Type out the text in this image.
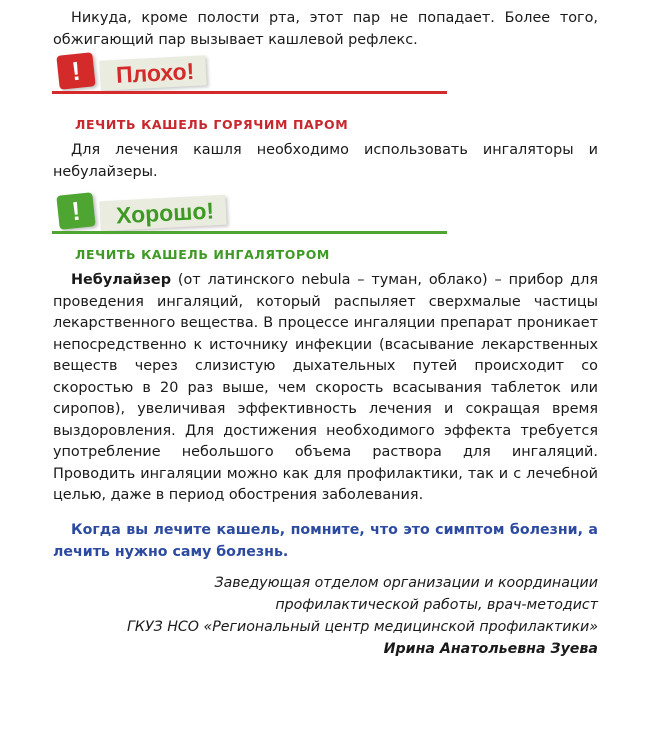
Никуда, кроме полости рта, этот пар не попадает. Более того, обжигающий пар вызывает кашлевой рефлекс.

!	Плохо!
ЛЕЧИТЬ КАШЕЛЬ ГОРЯЧИМ ПАРОМ

Для лечения кашля необходимо использовать ингаляторы и небулайзеры.

!	Хорошо!
ЛЕЧИТЬ КАШЕЛЬ ИНГАЛЯТОРОМ

Небулайзер (от латинского nebula – туман, облако) – прибор для проведения ингаляций, который распыляет сверхмалые частицы лекарственного вещества. В процессе ингаляции препарат проникает непосредственно к источнику инфекции (всасывание лекарственных веществ через слизистую дыхательных путей происходит со скоростью в 20 раз выше, чем скорость всасывания таблеток или сиропов), увеличивая эффективность лечения и сокращая время выздоровления. Для достижения необходимого эффекта требуется употребление небольшого объема раствора для ингаляций. Проводить ингаляции можно как для профилактики, так и с лечебной целью, даже в период обострения заболевания.

Когда вы лечите кашель, помните, что это симптом болезни, а лечить нужно саму болезнь.

Заведующая отделом организации и координации
профилактической работы, врач-методист
ГКУЗ НСО «Региональный центр медицинской профилактики»
Ирина Анатольевна Зуева
